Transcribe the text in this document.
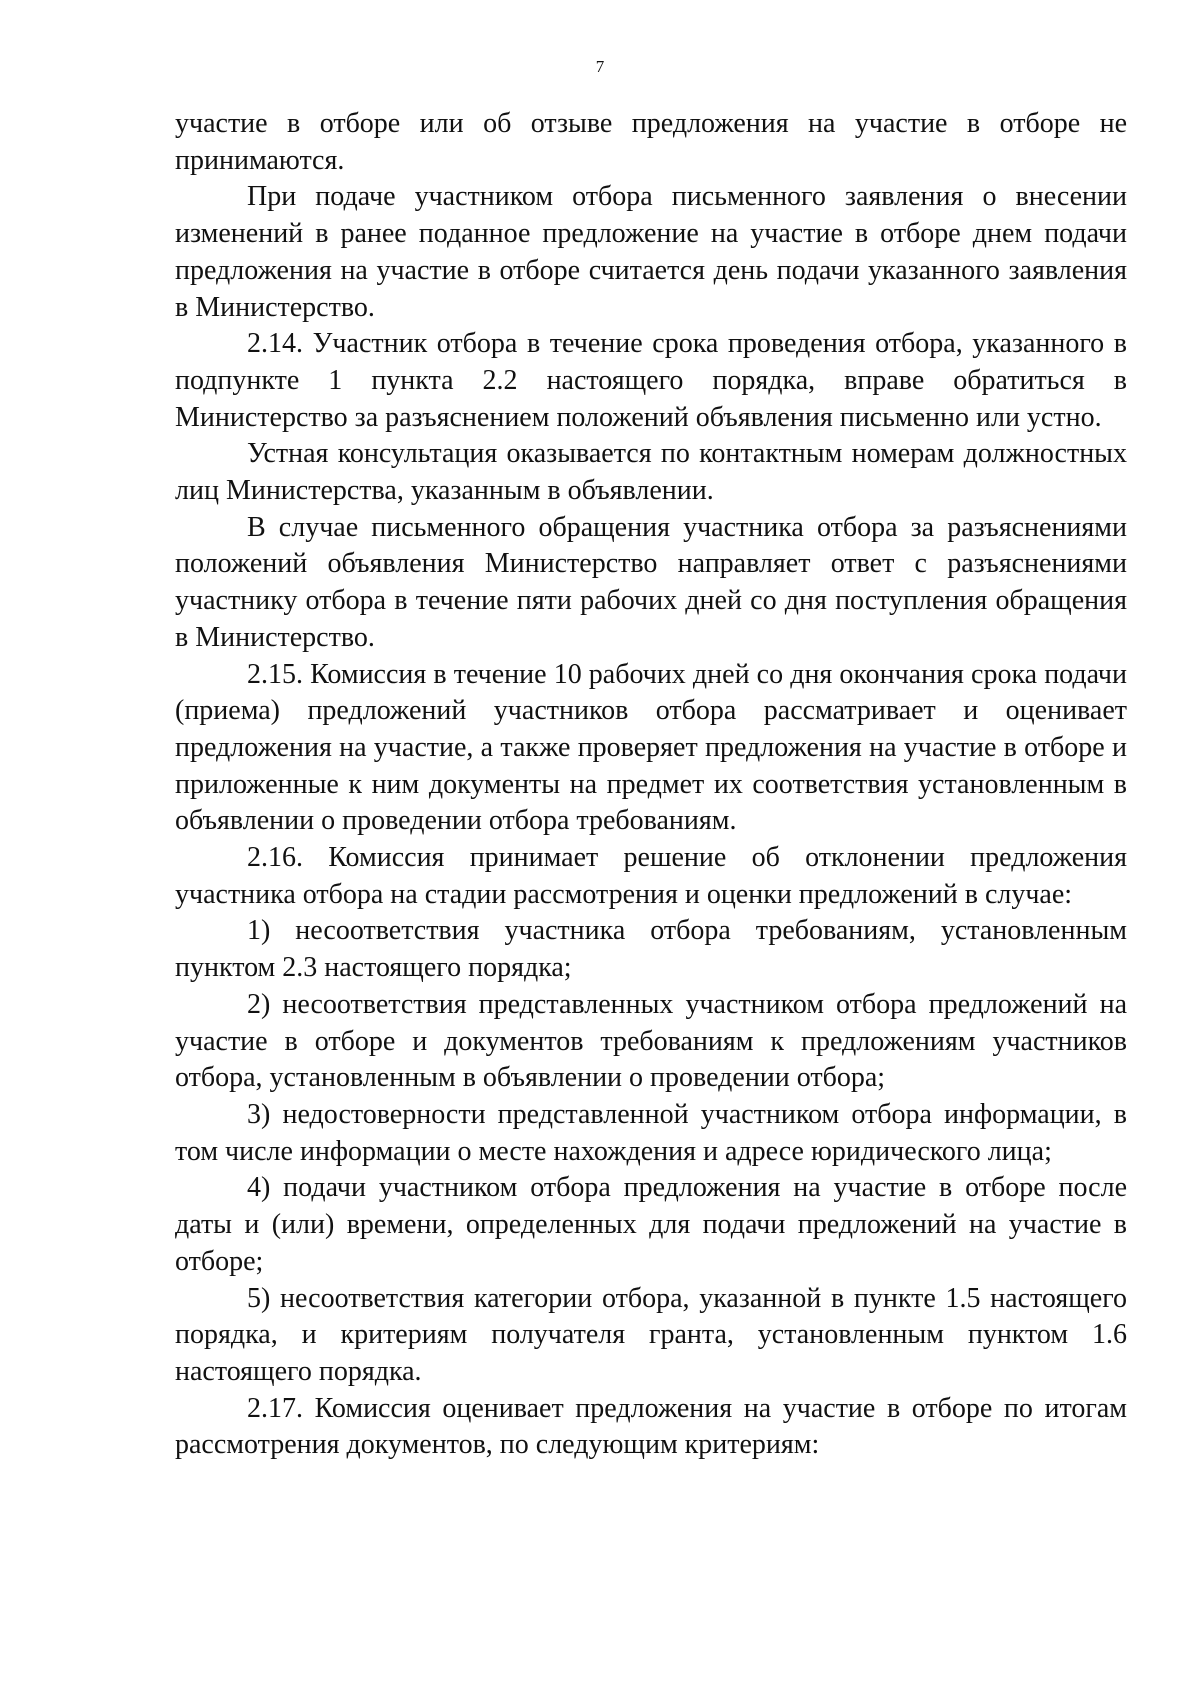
7

участие в отборе или об отзыве предложения на участие в отборе не принимаются.

При подаче участником отбора письменного заявления о внесении изменений в ранее поданное предложение на участие в отборе днем подачи предложения на участие в отборе считается день подачи указанного заявления в Министерство.

2.14. Участник отбора в течение срока проведения отбора, указанного в подпункте 1 пункта 2.2 настоящего порядка, вправе обратиться в Министерство за разъяснением положений объявления письменно или устно.

Устная консультация оказывается по контактным номерам должностных лиц Министерства, указанным в объявлении.

В случае письменного обращения участника отбора за разъяснениями положений объявления Министерство направляет ответ с разъяснениями участнику отбора в течение пяти рабочих дней со дня поступления обращения в Министерство.

2.15. Комиссия в течение 10 рабочих дней со дня окончания срока подачи (приема) предложений участников отбора рассматривает и оценивает предложения на участие, а также проверяет предложения на участие в отборе и приложенные к ним документы на предмет их соответствия установленным в объявлении о проведении отбора требованиям.

2.16. Комиссия принимает решение об отклонении предложения участника отбора на стадии рассмотрения и оценки предложений в случае:

1) несоответствия участника отбора требованиям, установленным пунктом 2.3 настоящего порядка;

2) несоответствия представленных участником отбора предложений на участие в отборе и документов требованиям к предложениям участников отбора, установленным в объявлении о проведении отбора;

3) недостоверности представленной участником отбора информации, в том числе информации о месте нахождения и адресе юридического лица;

4) подачи участником отбора предложения на участие в отборе после даты и (или) времени, определенных для подачи предложений на участие в отборе;

5) несоответствия категории отбора, указанной в пункте 1.5 настоящего порядка, и критериям получателя гранта, установленным пунктом 1.6 настоящего порядка.

2.17. Комиссия оценивает предложения на участие в отборе по итогам рассмотрения документов, по следующим критериям:
